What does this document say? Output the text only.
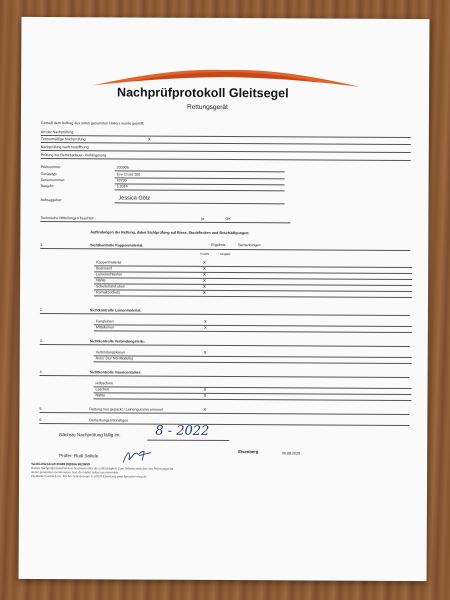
Nachprüfprotokoll Gleitsegel
Rettungsgerät
Gemäß dem Auftrag des unten genannten Halters wurde geprüft:
Art der Nachprüfung:
Turnusmäßige Nachprüfung	X
Nachprüfung nach Notöffnung
Prüfung zur Betriebsdauer- Verlängerung
Prüfnummer:	200906
Gerätetyp:	Evo Cross 100
Seriennummer:	43730
Baujahr:	5 2014
Auftraggeber:	Jessica Götz
Technische Mitteilungen beachtet	ja	OK
Auffindungen der Rettung, dabei Sichtprüfung auf Risse, Stockflecken und Beschädigungen:
Ergebnis	Bemerkungen
Positiv	Negativ
1.	Sichtkontrolle Kappenmaterial:
Kappenmaterial	X
Basisrand	X
Leinenschlaufen	X
Nähte	X
Scheitelrand oben	X
Ramairpockets	X
2.	Sichtkontrolle Leinenmaterial:
Fangleinen	X
Mittelleinen	X
3.	Sichtkontrolle Verbindungsteile:
Verbindungsleinen	X
Rotor (nur NG-Modelle)
4.	Sichtkontrolle Innencontainer:
Hilfsschirm
Laschen	X
Nähte	X
5.	Rettung neu gepackt / Leinengummis erneuert	X
6.	Bemerkungen/sonstiges
Nächste Nachprüfung fällig im:	8 - 2022
Prüfer: Rudi Sattele
Eisenberg	06.08.2020
Tel.Rü-Rückkraft 00049 (0)8364-9820999
Dieses Nachprüfprotokoll ist kein Nachweis über die Lufttüchtigkeit. Zum Selbstverständnis des Prüfungsgeräts
ist der genannten Gerätenutzer bzw. der Halter selbst verantwortlich.
Fly-Market GmbH & Co. KG Am Schlossanger 5, 87637 Eisenberg www.flymarket-shop.de
